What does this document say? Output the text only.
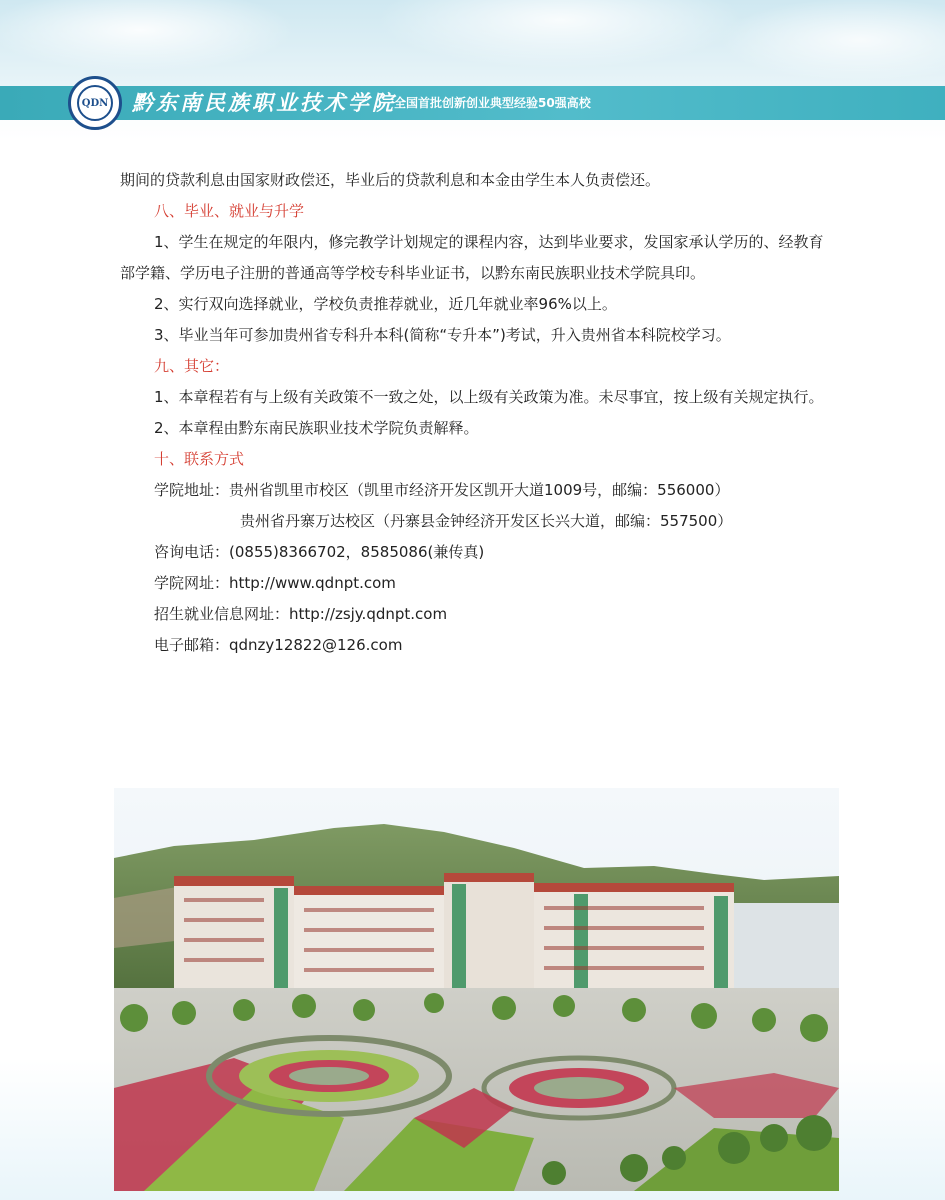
QDN 黔东南民族职业技术学院
全国首批创新创业典型经验50强高校

期间的贷款利息由国家财政偿还，毕业后的贷款利息和本金由学生本人负责偿还。

八、毕业、就业与升学

1、学生在规定的年限内，修完教学计划规定的课程内容，达到毕业要求，发国家承认学历的、经教育部学籍、学历电子注册的普通高等学校专科毕业证书，以黔东南民族职业技术学院具印。

2、实行双向选择就业，学校负责推荐就业，近几年就业率96%以上。

3、毕业当年可参加贵州省专科升本科(简称“专升本”)考试，升入贵州省本科院校学习。

九、其它：

1、本章程若有与上级有关政策不一致之处，以上级有关政策为准。未尽事宜，按上级有关规定执行。

2、本章程由黔东南民族职业技术学院负责解释。

十、联系方式

学院地址：贵州省凯里市校区（凯里市经济开发区凯开大道1009号，邮编：556000）

贵州省丹寨万达校区（丹寨县金钟经济开发区长兴大道，邮编：557500）

咨询电话：(0855)8366702，8585086(兼传真)

学院网址：http://www.qdnpt.com

招生就业信息网址：http://zsjy.qdnpt.com

电子邮箱：qdnzy12822@126.com
